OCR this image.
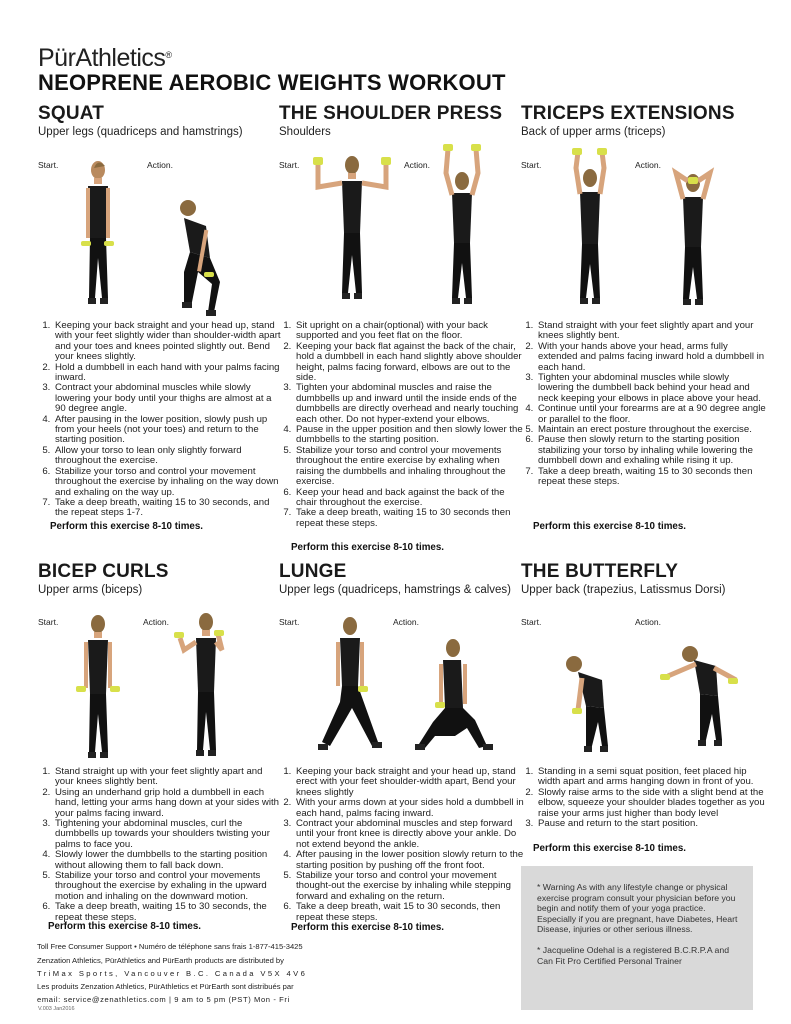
PürAthletics®
NEOPRENE AEROBIC WEIGHTS WORKOUT
SQUAT
Upper legs (quadriceps and hamstrings)
THE SHOULDER PRESS
Shoulders
TRICEPS EXTENSIONS
Back of upper arms (triceps)
BICEP CURLS
Upper arms (biceps)
LUNGE
Upper legs (quadriceps, hamstrings & calves)
THE BUTTERFLY
Upper back (trapezius, Latissmus Dorsi)
Start.	Action.	Start.	Action.	Start.	Action.
Start.	Action.	Start.	Action.	Start.	Action.
1. Keeping your back straight and your head up, stand with your feet slightly wider than shoulder-width apart and your toes and knees pointed slightly out. Bend your knees slightly.
2. Hold a dumbbell in each hand with your palms facing inward.
3. Contract your abdominal muscles while slowly lowering your body until your thighs are almost at a 90 degree angle.
4. After pausing in the lower position, slowly push up from your heels (not your toes) and return to the starting position.
5. Allow your torso to lean only slightly forward throughout the exercise.
6. Stabilize your torso and control your movement throughout the exercise by inhaling on the way down and exhaling on the way up.
7. Take a deep breath, waiting 15 to 30 seconds, and the repeat steps 1-7.
Perform this exercise 8-10 times.
1. Sit upright on a chair(optional) with your back supported and you feet flat on the floor.
2. Keeping your back flat against the back of the chair, hold a dumbbell in each hand slightly above shoulder height, palms facing forward, elbows are out to the side.
3. Tighten your abdominal muscles and raise the dumbbells up and inward until the inside ends of the dumbbells are directly overhead and nearly touching each other. Do not hyper-extend your elbows.
4. Pause in the upper position and then slowly lower the dumbbells to the starting position.
5. Stabilize your torso and control your movements throughout the entire exercise by exhaling when raising the dumbbells and inhaling throughout the exercise.
6. Keep your head and back against the back of the chair throughout the exercise.
7. Take a deep breath, waiting 15 to 30 seconds then repeat these steps.
Perform this exercise 8-10 times.
1. Stand straight with your feet slightly apart and your knees slightly bent.
2. With your hands above your head, arms fully extended and palms facing inward hold a dumbbell in each hand.
3. Tighten your abdominal muscles while slowly lowering the dumbbell back behind your head and neck keeping your elbows in place above your head.
4. Continue until your forearms are at a 90 degree angle or parallel to the floor.
5. Maintain an erect posture throughout the exercise.
6. Pause then slowly return to the starting position stabilizing your torso by inhaling while lowering the dumbbell down and exhaling while rising it up.
7. Take a deep breath, waiting 15 to 30 seconds then repeat these steps.
Perform this exercise 8-10 times.
1. Stand straight up with your feet slightly apart and your knees slightly bent.
2. Using an underhand grip hold a dumbbell in each hand, letting your arms hang down at your sides with your palms facing inward.
3. Tightening your abdominal muscles, curl the dumbbells up towards your shoulders twisting your palms to face you.
4. Slowly lower the dumbbells to the starting position without allowing them to fall back down.
5. Stabilize your torso and control your movements throughout the exercise by exhaling in the upward motion and inhaling on the downward motion.
6. Take a deep breath, waiting 15 to 30 seconds, the repeat these steps.
Perform this exercise 8-10 times.
1. Keeping your back straight and your head up, stand erect with your feet shoulder-width apart, Bend your knees slightly
2. With your arms down at your sides hold a dumbbell in each hand, palms facing inward.
3. Contract your abdominal muscles and step forward until your front knee is directly above your ankle. Do not extend beyond the ankle.
4. After pausing in the lower position slowly return to the starting position by pushing off the front foot.
5. Stabilize your torso and control your movement thought-out the exercise by inhaling while stepping forward and exhaling on the return.
6. Take a deep breath, wait 15 to 30 seconds, then repeat these steps.
Perform this exercise 8-10 times.
1. Standing in a semi squat position, feet placed hip width apart and arms hanging down in front of you.
2. Slowly raise arms to the side with a slight bend at the elbow, squeeze your shoulder blades together as you raise your arms just higher than body level
3. Pause and return to the start position.
Perform this exercise 8-10 times.

* Warning As with any lifestyle change or physical exercise program consult your physician before you begin and notify them of your yoga practice. Especially if you are pregnant, have Diabetes, Heart Disease, injuries or other serious illness.

* Jacqueline Odehal is a registered B.C.R.P.A and Can Fit Pro Certified Personal Trainer

Toll Free Consumer Support • Numéro de téléphone sans frais 1-877-415-3425
Zenzation Athletics, PürAthletics and PürEarth products are distributed by
TriMax Sports, Vancouver B.C. Canada V5X 4V6
Les produits Zenzation Athletics, PürAthletics et PürEarth sont distribués par
email: service@zenathletics.com | 9 am to 5 pm (PST) Mon - Fri
V.003 Jan2016
